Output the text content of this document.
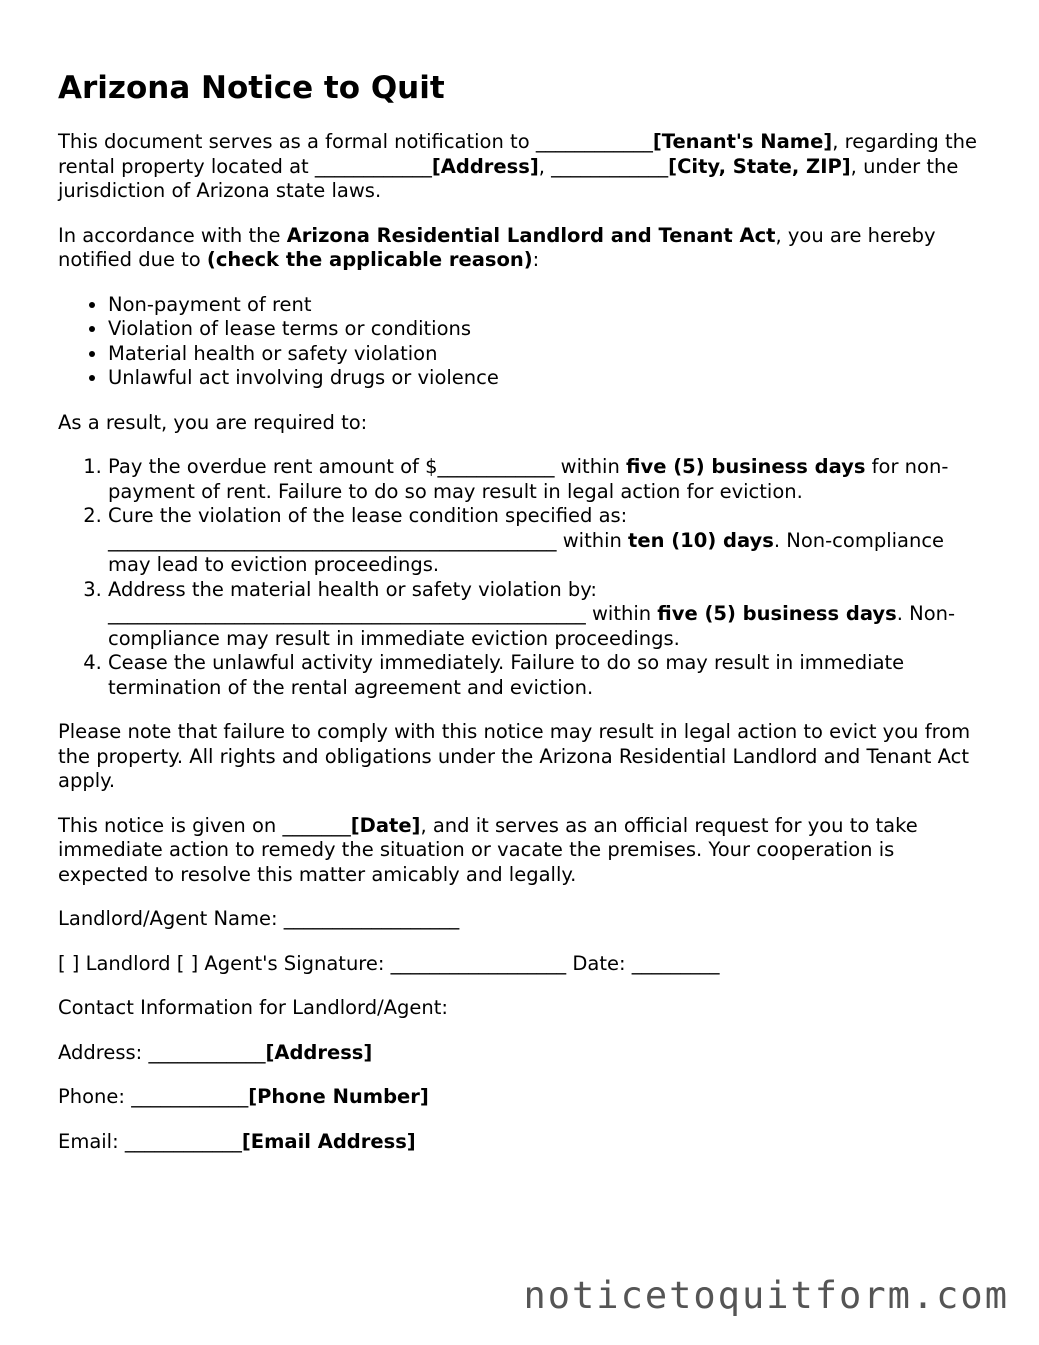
Arizona Notice to Quit

This document serves as a formal notification to ____________[Tenant's Name], regarding the rental property located at ____________[Address], ____________[City, State, ZIP], under the jurisdiction of Arizona state laws.

In accordance with the Arizona Residential Landlord and Tenant Act, you are hereby notified due to (check the applicable reason):

• Non-payment of rent
• Violation of lease terms or conditions
• Material health or safety violation
• Unlawful act involving drugs or violence

As a result, you are required to:

1. Pay the overdue rent amount of $____________ within five (5) business days for non-payment of rent. Failure to do so may result in legal action for eviction.
2. Cure the violation of the lease condition specified as: ______________________________________________ within ten (10) days. Non-compliance may lead to eviction proceedings.
3. Address the material health or safety violation by: _________________________________________________ within five (5) business days. Non-compliance may result in immediate eviction proceedings.
4. Cease the unlawful activity immediately. Failure to do so may result in immediate termination of the rental agreement and eviction.

Please note that failure to comply with this notice may result in legal action to evict you from the property. All rights and obligations under the Arizona Residential Landlord and Tenant Act apply.

This notice is given on _______[Date], and it serves as an official request for you to take immediate action to remedy the situation or vacate the premises. Your cooperation is expected to resolve this matter amicably and legally.

Landlord/Agent Name: __________________

[ ] Landlord [ ] Agent's Signature: __________________ Date: _________

Contact Information for Landlord/Agent:

Address: ____________[Address]

Phone: ____________[Phone Number]

Email: ____________[Email Address]

noticetoquitform.com
